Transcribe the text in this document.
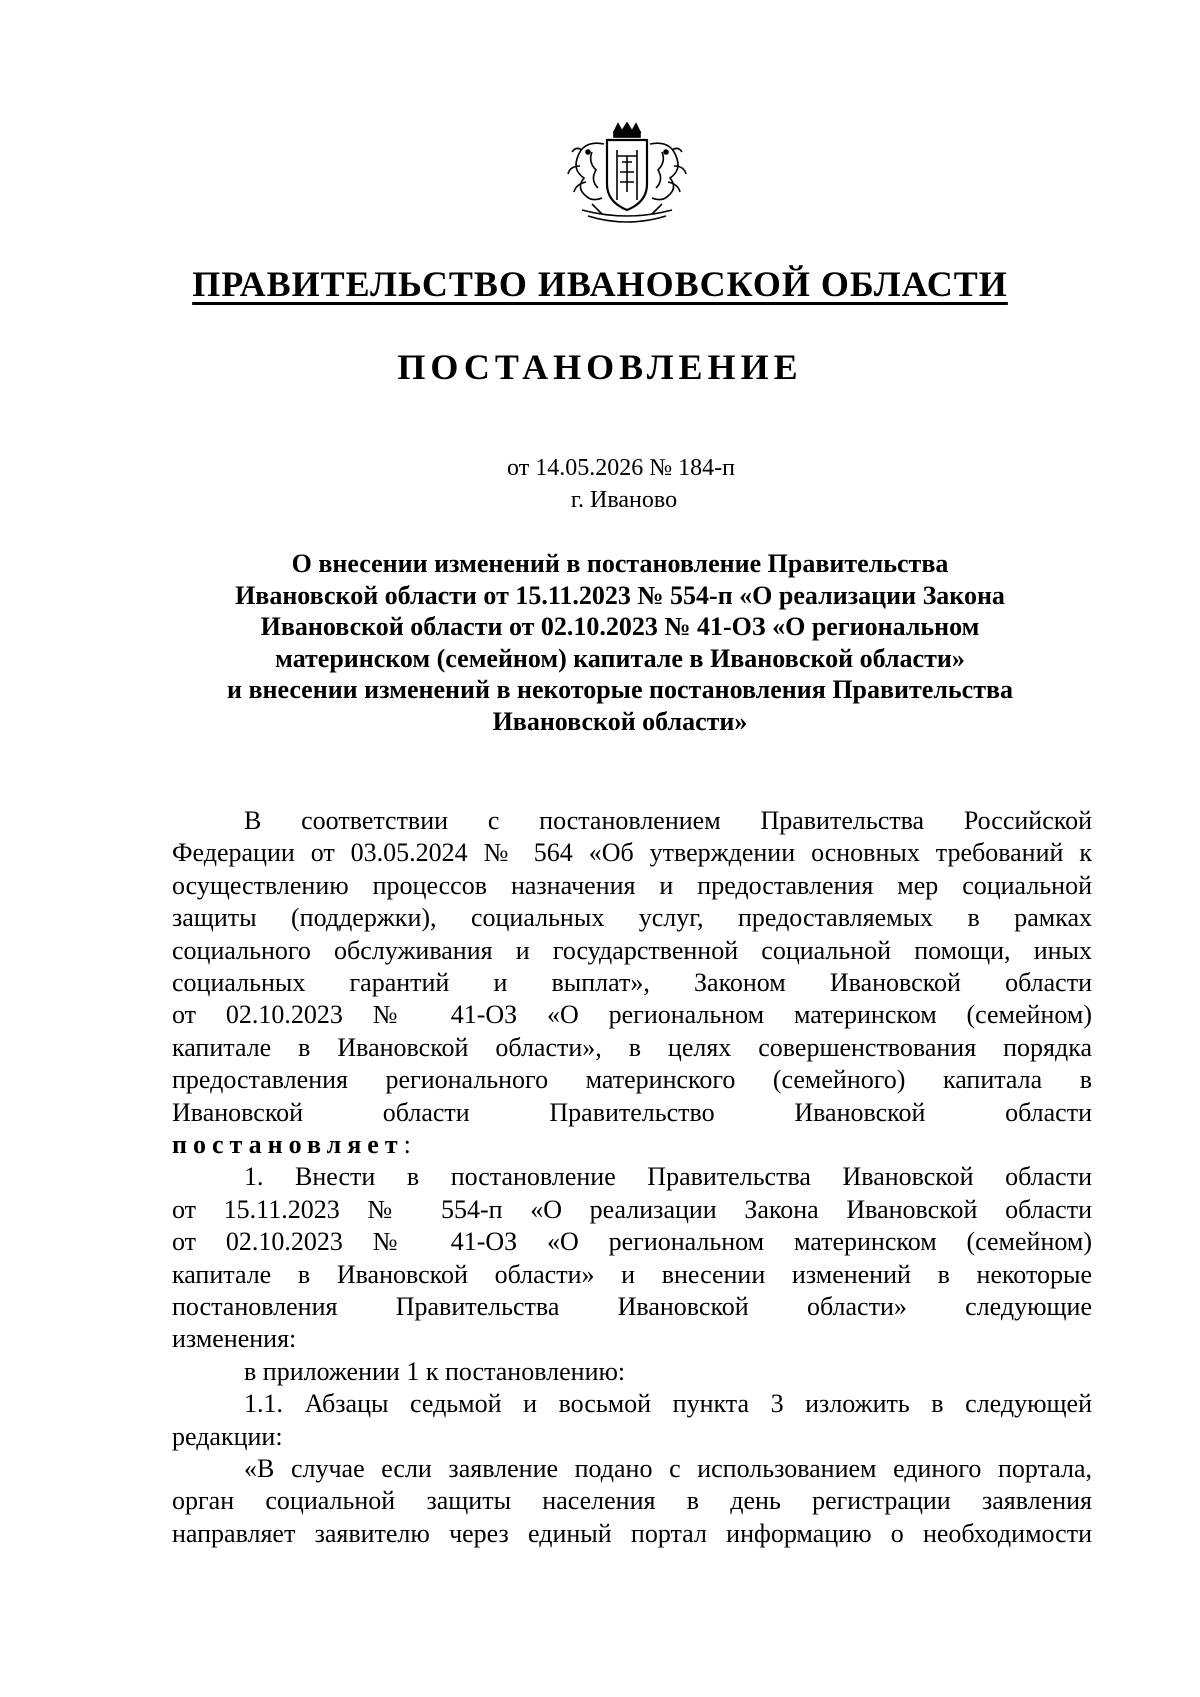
ПРАВИТЕЛЬСТВО ИВАНОВСКОЙ ОБЛАСТИ
ПОСТАНОВЛЕНИЕ
от 14.05.2026 № 184-п
г. Иваново
О внесении изменений в постановление Правительства
Ивановской области от 15.11.2023 № 554-п «О реализации Закона
Ивановской области от 02.10.2023 № 41-ОЗ «О региональном
материнском (семейном) капитале в Ивановской области»
и внесении изменений в некоторые постановления Правительства
Ивановской области»
В соответствии с постановлением Правительства Российской
Федерации от 03.05.2024 № 564 «Об утверждении основных требований к
осуществлению процессов назначения и предоставления мер социальной
защиты (поддержки), социальных услуг, предоставляемых в рамках
социального обслуживания и государственной социальной помощи, иных
социальных гарантий и выплат», Законом Ивановской области
от 02.10.2023 № 41-ОЗ «О региональном материнском (семейном)
капитале в Ивановской области», в целях совершенствования порядка
предоставления регионального материнского (семейного) капитала в
Ивановской области Правительство Ивановской области
постановляет:
1. Внести в постановление Правительства Ивановской области
от 15.11.2023 № 554-п «О реализации Закона Ивановской области
от 02.10.2023 № 41-ОЗ «О региональном материнском (семейном)
капитале в Ивановской области» и внесении изменений в некоторые
постановления Правительства Ивановской области» следующие
изменения:
в приложении 1 к постановлению:
1.1. Абзацы седьмой и восьмой пункта 3 изложить в следующей
редакции:
«В случае если заявление подано с использованием единого портала,
орган социальной защиты населения в день регистрации заявления
направляет заявителю через единый портал информацию о необходимости
